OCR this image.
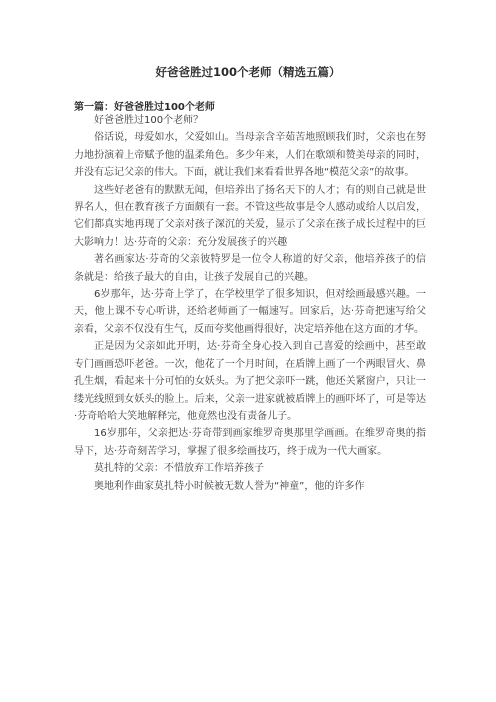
好爸爸胜过100个老师（精选五篇）
第一篇：好爸爸胜过100个老师

好爸爸胜过100个老师？

俗话说，母爱如水，父爱如山。当母亲含辛茹苦地照顾我们时，父亲也在努力地扮演着上帝赋予他的温柔角色。多少年来，人们在歌颂和赞美母亲的同时，并没有忘记父亲的伟大。下面，就让我们来看看世界各地“模范父亲”的故事。

这些好老爸有的默默无闻，但培养出了扬名天下的人才；有的则自己就是世界名人，但在教育孩子方面颇有一套。不管这些故事是令人感动或给人以启发，它们都真实地再现了父亲对孩子深沉的关爱，显示了父亲在孩子成长过程中的巨大影响力！达·芬奇的父亲：充分发展孩子的兴趣

著名画家达·芬奇的父亲彼特罗是一位令人称道的好父亲，他培养孩子的信条就是：给孩子最大的自由，让孩子发展自己的兴趣。

6岁那年，达·芬奇上学了，在学校里学了很多知识，但对绘画最感兴趣。一天，他上课不专心听讲，还给老师画了一幅速写。回家后，达·芬奇把速写给父亲看，父亲不仅没有生气，反而夸奖他画得很好，决定培养他在这方面的才华。

正是因为父亲如此开明，达·芬奇全身心投入到自己喜爱的绘画中，甚至敢专门画画恐吓老爸。一次，他花了一个月时间，在盾牌上画了一个两眼冒火、鼻孔生烟，看起来十分可怕的女妖头。为了把父亲吓一跳，他还关紧窗户，只让一缕光线照到女妖头的脸上。后来，父亲一进家就被盾牌上的画吓坏了，可是等达·芬奇哈哈大笑地解释完，他竟然也没有责备儿子。

16岁那年，父亲把达·芬奇带到画家维罗奇奥那里学画画。在维罗奇奥的指导下，达·芬奇刻苦学习，掌握了很多绘画技巧，终于成为一代大画家。

莫扎特的父亲：不惜放弃工作培养孩子

奥地利作曲家莫扎特小时候被无数人誉为“神童”，他的许多作
